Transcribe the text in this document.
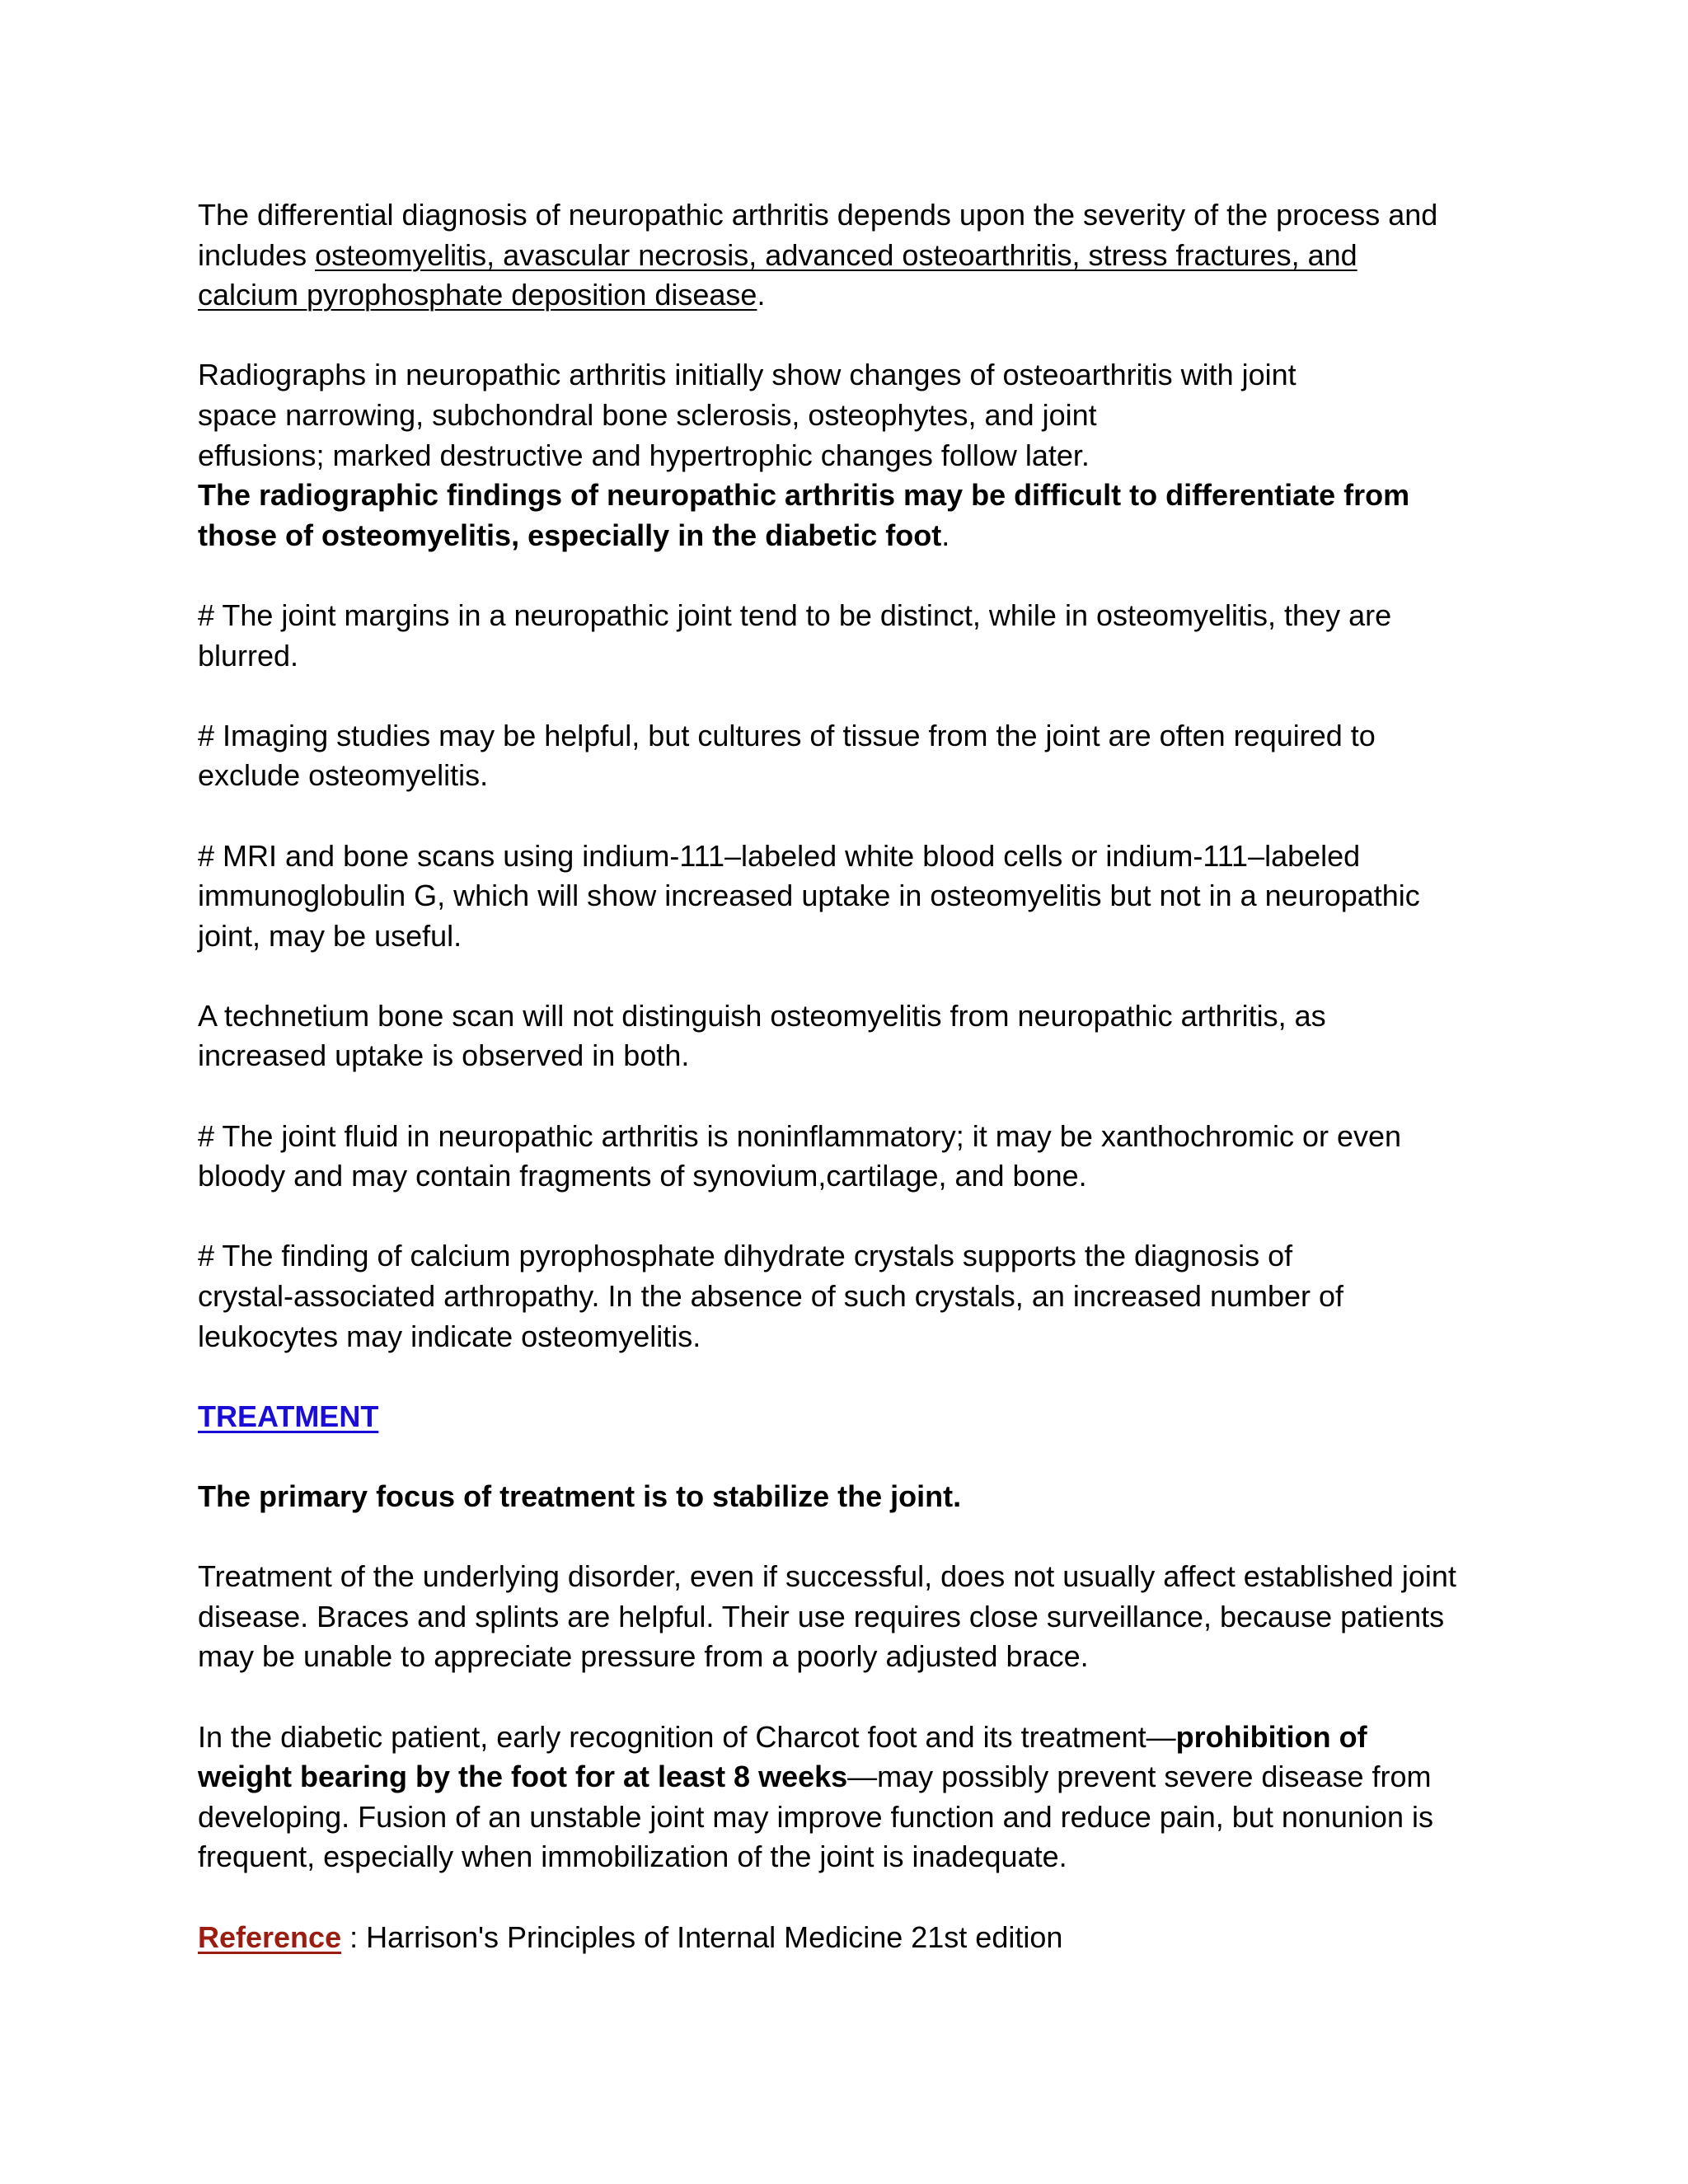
The differential diagnosis of neuropathic arthritis depends upon the severity of the process and
includes osteomyelitis, avascular necrosis, advanced osteoarthritis, stress fractures, and
calcium pyrophosphate deposition disease.
Radiographs in neuropathic arthritis initially show changes of osteoarthritis with joint
space narrowing, subchondral bone sclerosis, osteophytes, and joint
effusions; marked destructive and hypertrophic changes follow later.
The radiographic findings of neuropathic arthritis may be difficult to differentiate from
those of osteomyelitis, especially in the diabetic foot.
# The joint margins in a neuropathic joint tend to be distinct, while in osteomyelitis, they are
blurred.
# Imaging studies may be helpful, but cultures of tissue from the joint are often required to
exclude osteomyelitis.
# MRI and bone scans using indium-111–labeled white blood cells or indium-111–labeled
immunoglobulin G, which will show increased uptake in osteomyelitis but not in a neuropathic
joint, may be useful.
A technetium bone scan will not distinguish osteomyelitis from neuropathic arthritis, as
increased uptake is observed in both.
# The joint fluid in neuropathic arthritis is noninflammatory; it may be xanthochromic or even
bloody and may contain fragments of synovium,cartilage, and bone.
# The finding of calcium pyrophosphate dihydrate crystals supports the diagnosis of
crystal-associated arthropathy. In the absence of such crystals, an increased number of
leukocytes may indicate osteomyelitis.
TREATMENT
The primary focus of treatment is to stabilize the joint.
Treatment of the underlying disorder, even if successful, does not usually affect established joint
disease. Braces and splints are helpful. Their use requires close surveillance, because patients
may be unable to appreciate pressure from a poorly adjusted brace.
In the diabetic patient, early recognition of Charcot foot and its treatment—prohibition of
weight bearing by the foot for at least 8 weeks—may possibly prevent severe disease from
developing. Fusion of an unstable joint may improve function and reduce pain, but nonunion is
frequent, especially when immobilization of the joint is inadequate.
Reference : Harrison's Principles of Internal Medicine 21st edition
